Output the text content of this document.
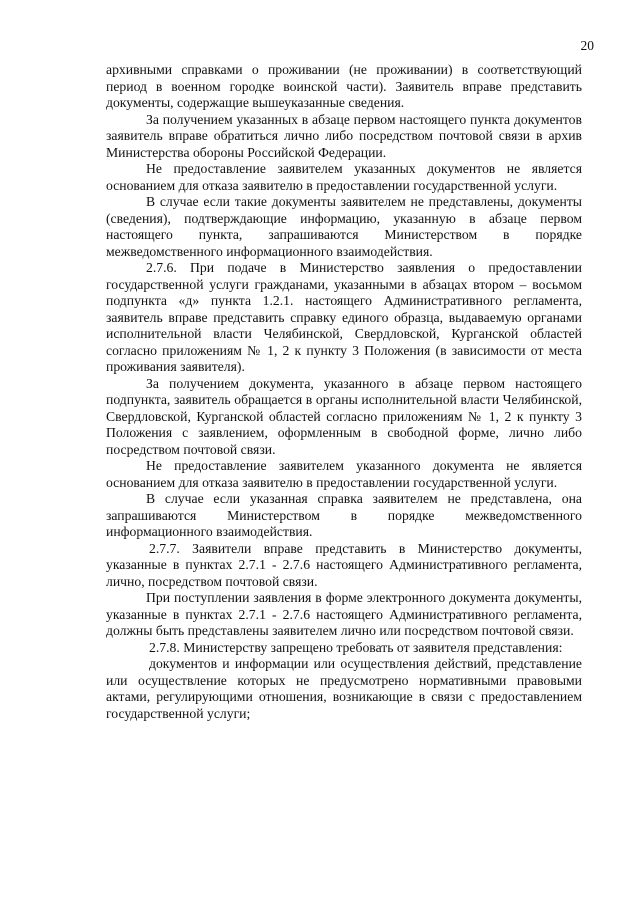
20

архивными справками о проживании (не проживании) в соответствующий период в военном городке воинской части). Заявитель вправе представить документы, содержащие вышеуказанные сведения.

За получением указанных в абзаце первом настоящего пункта документов заявитель вправе обратиться лично либо посредством почтовой связи в архив Министерства обороны Российской Федерации.

Не предоставление заявителем указанных документов не является основанием для отказа заявителю в предоставлении государственной услуги.

В случае если такие документы заявителем не представлены, документы (сведения), подтверждающие информацию, указанную в абзаце первом настоящего пункта, запрашиваются Министерством в порядке межведомственного информационного взаимодействия.

2.7.6. При подаче в Министерство заявления о предоставлении государственной услуги гражданами, указанными в абзацах втором – восьмом подпункта «д» пункта 1.2.1. настоящего Административного регламента, заявитель вправе представить справку единого образца, выдаваемую органами исполнительной власти Челябинской, Свердловской, Курганской областей согласно приложениям № 1, 2 к пункту 3 Положения (в зависимости от места проживания заявителя).

За получением документа, указанного в абзаце первом настоящего подпункта, заявитель обращается в органы исполнительной власти Челябинской, Свердловской, Курганской областей согласно приложениям № 1, 2 к пункту 3 Положения с заявлением, оформленным в свободной форме, лично либо посредством почтовой связи.

Не предоставление заявителем указанного документа не является основанием для отказа заявителю в предоставлении государственной услуги.

В случае если указанная справка заявителем не представлена, она запрашиваются Министерством в порядке межведомственного информационного взаимодействия.

2.7.7. Заявители вправе представить в Министерство документы, указанные в пунктах 2.7.1 - 2.7.6 настоящего Административного регламента, лично, посредством почтовой связи.

При поступлении заявления в форме электронного документа документы, указанные в пунктах 2.7.1 - 2.7.6 настоящего Административного регламента, должны быть представлены заявителем лично или посредством почтовой связи.

2.7.8. Министерству запрещено требовать от заявителя представления:

документов и информации или осуществления действий, представление или осуществление которых не предусмотрено нормативными правовыми актами, регулирующими отношения, возникающие в связи с предоставлением государственной услуги;
